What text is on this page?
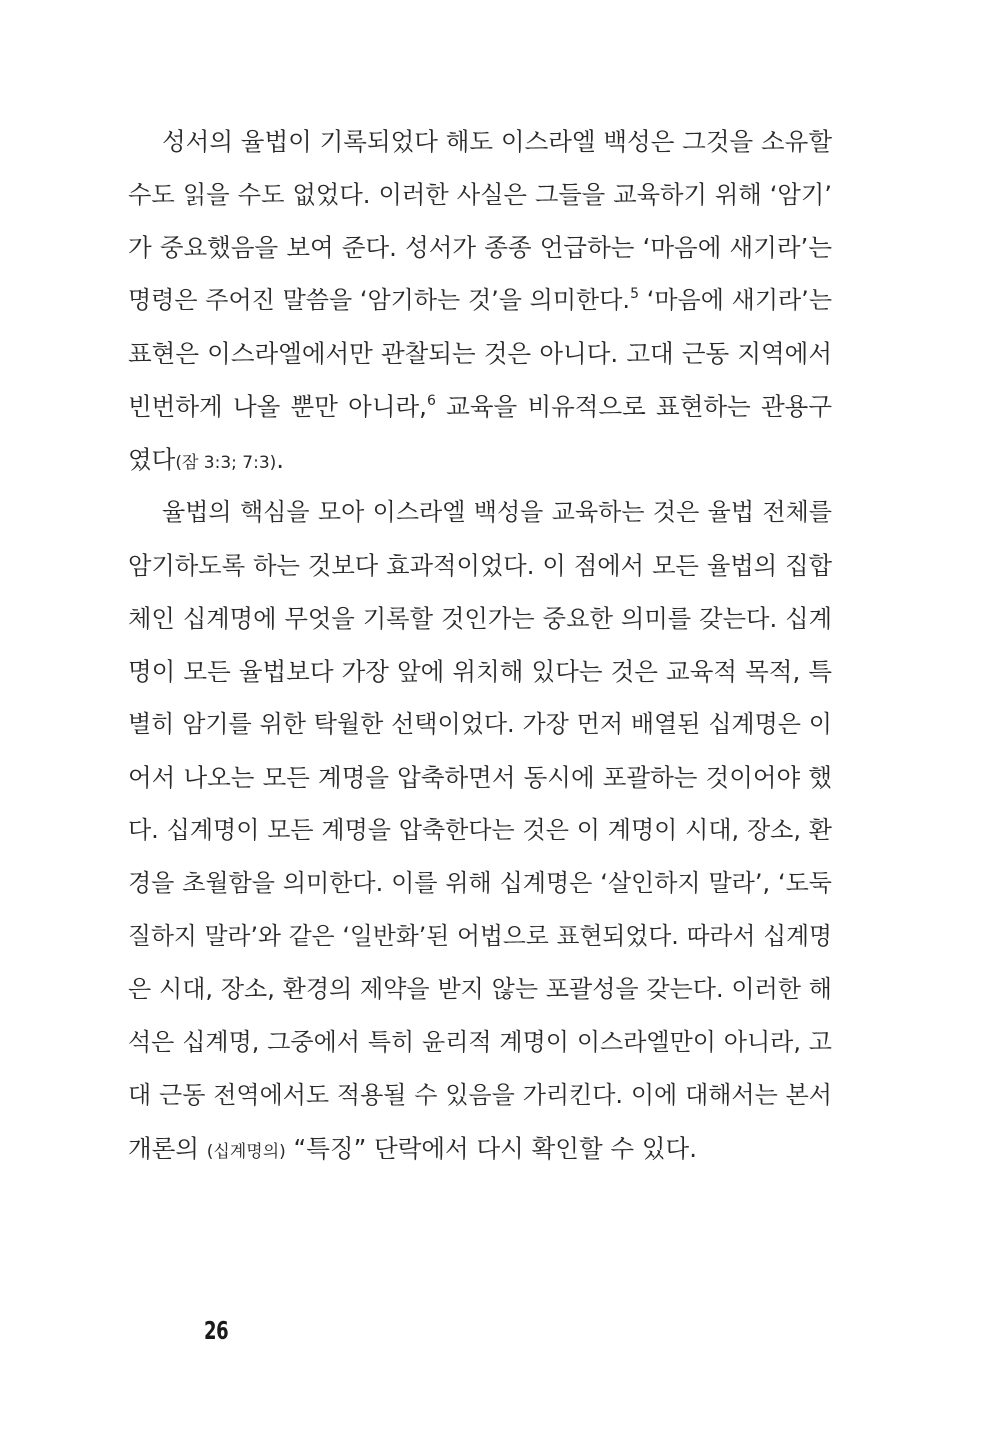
성서의 율법이 기록되었다 해도 이스라엘 백성은 그것을 소유할
수도 읽을 수도 없었다. 이러한 사실은 그들을 교육하기 위해 ‘암기’
가 중요했음을 보여 준다. 성서가 종종 언급하는 ‘마음에 새기라’는
명령은 주어진 말씀을 ‘암기하는 것’을 의미한다.$^5$ ‘마음에 새기라’는
표현은 이스라엘에서만 관찰되는 것은 아니다. 고대 근동 지역에서
빈번하게 나올 뿐만 아니라,$^6$ 교육을 비유적으로 표현하는 관용구
였다(잠 3:3; 7:3).
율법의 핵심을 모아 이스라엘 백성을 교육하는 것은 율법 전체를
암기하도록 하는 것보다 효과적이었다. 이 점에서 모든 율법의 집합
체인 십계명에 무엇을 기록할 것인가는 중요한 의미를 갖는다. 십계
명이 모든 율법보다 가장 앞에 위치해 있다는 것은 교육적 목적, 특
별히 암기를 위한 탁월한 선택이었다. 가장 먼저 배열된 십계명은 이
어서 나오는 모든 계명을 압축하면서 동시에 포괄하는 것이어야 했
다. 십계명이 모든 계명을 압축한다는 것은 이 계명이 시대, 장소, 환
경을 초월함을 의미한다. 이를 위해 십계명은 ‘살인하지 말라’, ‘도둑
질하지 말라’와 같은 ‘일반화’된 어법으로 표현되었다. 따라서 십계명
은 시대, 장소, 환경의 제약을 받지 않는 포괄성을 갖는다. 이러한 해
석은 십계명, 그중에서 특히 윤리적 계명이 이스라엘만이 아니라, 고
대 근동 전역에서도 적용될 수 있음을 가리킨다. 이에 대해서는 본서
개론의 (십계명의) “특징” 단락에서 다시 확인할 수 있다.
26
